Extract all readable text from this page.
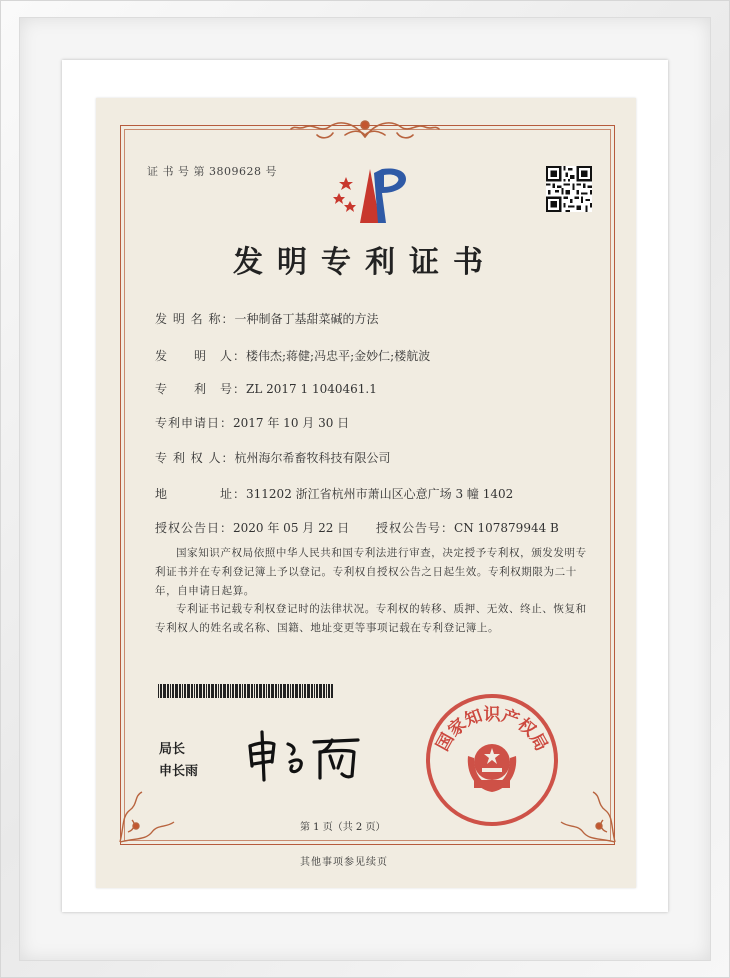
证 书 号 第 3809628 号
发明专利证书
发 明 名 称：一种制备丁基甜菜碱的方法
发　　明　人：楼伟杰;蒋健;冯忠平;金妙仁;楼航波
专　　利　号：ZL 2017 1 1040461.1
专利申请日：2017 年 10 月 30 日
专 利 权 人：杭州海尔希畜牧科技有限公司
地　　　　址：311202 浙江省杭州市萧山区心意广场 3 幢 1402
授权公告日：2020 年 05 月 22 日 授权公告号：CN 107879944 B
国家知识产权局依照中华人民共和国专利法进行审查，决定授予专利权，颁发发明专利证书并在专利登记簿上予以登记。专利权自授权公告之日起生效。专利权期限为二十年，自申请日起算。
专利证书记载专利权登记时的法律状况。专利权的转移、质押、无效、终止、恢复和专利权人的姓名或名称、国籍、地址变更等事项记载在专利登记簿上。
局长
申长雨
国家知识产权局
第 1 页（共 2 页）
其他事项参见续页
